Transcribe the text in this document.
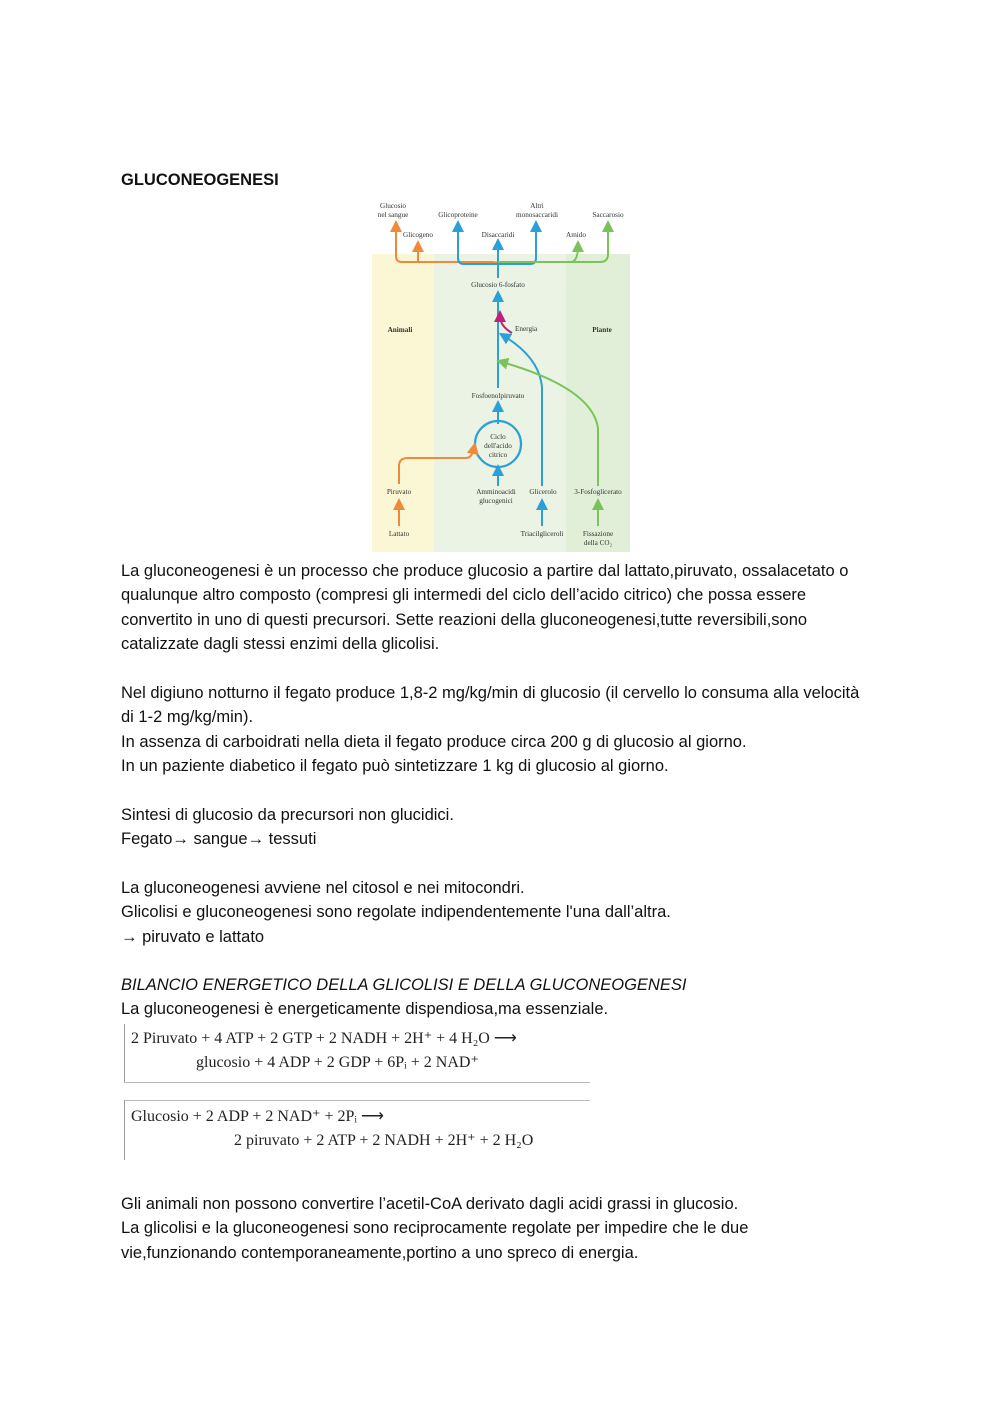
GLUCONEOGENESI
Glucosio
nel sangue	Glicoproteine
Altri
monosaccaridi	Saccarosio
Glicogeno	Disaccaridi	Amido
Glucosio 6-fosfato
Animali	Piante
Energia
Fosfoenolpiruvato
Ciclo
dell'acido
citrico
Piruvato	Amminoacidi
glucogenici
Glicerolo 3-Fosfoglicerato
Lattato	Triacilgliceroli	Fissazione
della CO₂

La gluconeogenesi è un processo che produce glucosio a partire dal lattato,piruvato, ossalacetato o qualunque altro composto (compresi gli intermedi del ciclo dell’acido citrico) che possa essere convertito in uno di questi precursori. Sette reazioni della gluconeogenesi,tutte reversibili,sono catalizzate dagli stessi enzimi della glicolisi.

Nel digiuno notturno il fegato produce 1,8-2 mg/kg/min di glucosio (il cervello lo consuma alla velocità di 1-2 mg/kg/min).

In assenza di carboidrati nella dieta il fegato produce circa 200 g di glucosio al giorno.

In un paziente diabetico il fegato può sintetizzare 1 kg di glucosio al giorno.

Sintesi di glucosio da precursori non glucidici.

Fegato→ sangue→ tessuti

La gluconeogenesi avviene nel citosol e nei mitocondri.

Glicolisi e gluconeogenesi sono regolate indipendentemente l'una dall’altra.

→ piruvato e lattato

BILANCIO ENERGETICO DELLA GLICOLISI E DELLA GLUCONEOGENESI

La gluconeogenesi è energeticamente dispendiosa,ma essenziale.

2 Piruvato + 4 ATP + 2 GTP + 2 NADH + 2H⁺ + 4 H₂O ⟶
glucosio + 4 ADP + 2 GDP + 6Pᵢ + 2 NAD⁺
Glucosio + 2 ADP + 2 NAD⁺ + 2Pᵢ ⟶
2 piruvato + 2 ATP + 2 NADH + 2H⁺ + 2 H₂O

Gli animali non possono convertire l’acetil-CoA derivato dagli acidi grassi in glucosio.

La glicolisi e la gluconeogenesi sono reciprocamente regolate per impedire che le due vie,funzionando contemporaneamente,portino a uno spreco di energia.
